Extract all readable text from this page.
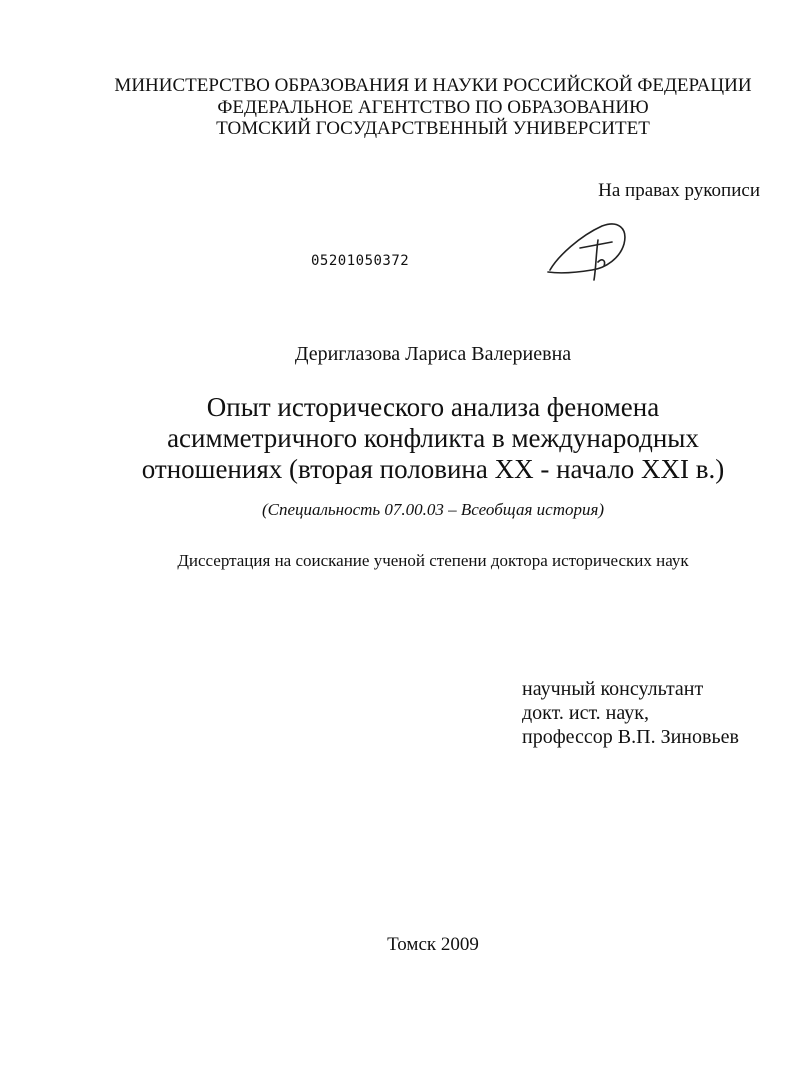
МИНИСТЕРСТВО ОБРАЗОВАНИЯ И НАУКИ РОССИЙСКОЙ ФЕДЕРАЦИИ
ФЕДЕРАЛЬНОЕ АГЕНТСТВО ПО ОБРАЗОВАНИЮ
ТОМСКИЙ ГОСУДАРСТВЕННЫЙ УНИВЕРСИТЕТ
На правах рукописи
05201050372
Дериглазова Лариса Валериевна
Опыт исторического анализа феномена
асимметричного конфликта в международных
отношениях (вторая половина XX - начало XXI в.)
(Специальность 07.00.03 – Всеобщая история)
Диссертация на соискание ученой степени доктора исторических наук
научный консультант
докт. ист. наук,
профессор В.П. Зиновьев
Томск 2009
